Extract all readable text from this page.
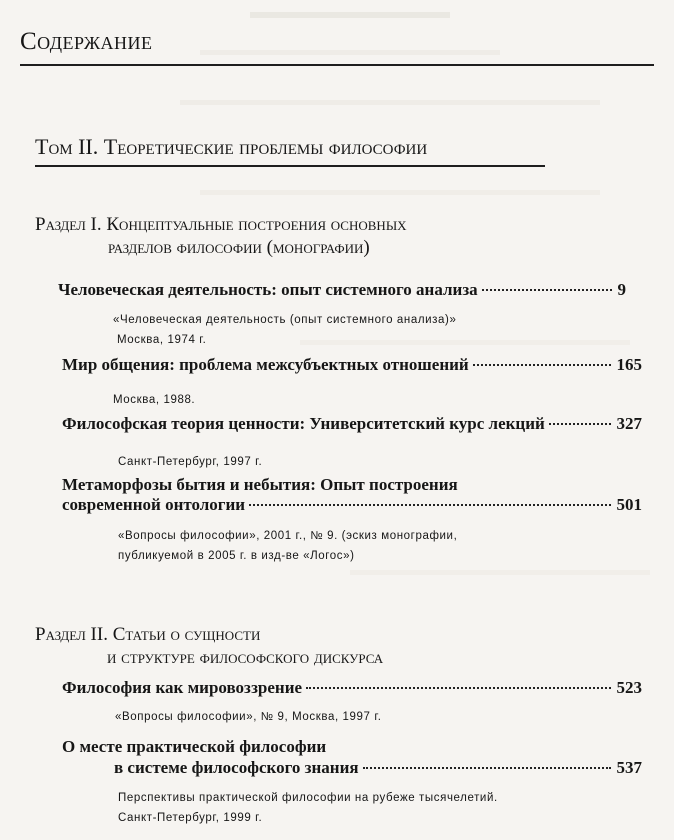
Содержание
Том II. Теоретические проблемы философии
Раздел I. Концептуальные построения основных
разделов философии (монографии)
Человеческая деятельность: опыт системного анализа	9
«Человеческая деятельность (опыт системного анализа)»
Москва, 1974 г.
Мир общения: проблема межсубъектных отношений	165
Москва, 1988.
Философская теория ценности: Университетский курс лекций	327
Санкт-Петербург, 1997 г.
Метаморфозы бытия и небытия: Опыт построения
современной онтологии	501
«Вопросы философии», 2001 г., № 9. (эскиз монографии,
публикуемой в 2005 г. в изд-ве «Логос»)
Раздел II. Статьи о сущности
и структуре философского дискурса
Философия как мировоззрение	523
«Вопросы философии», № 9, Москва, 1997 г.
О месте практической философии
в системе философского знания	537
Перспективы практической философии на рубеже тысячелетий.
Санкт-Петербург, 1999 г.
